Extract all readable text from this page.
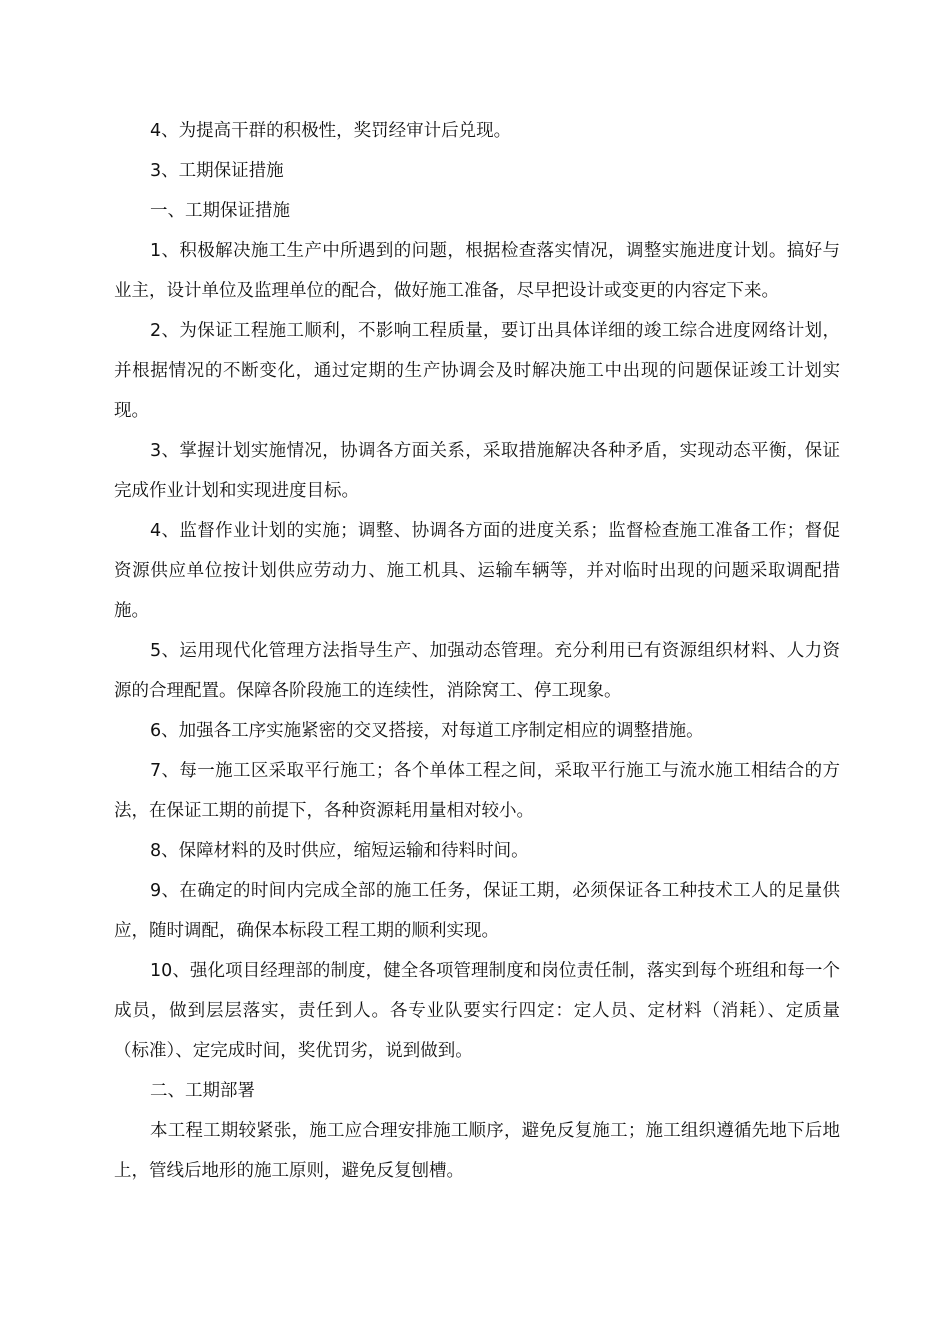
4、为提高干群的积极性，奖罚经审计后兑现。

3、工期保证措施

一、工期保证措施

1、积极解决施工生产中所遇到的问题，根据检查落实情况，调整实施进度计划。搞好与业主，设计单位及监理单位的配合，做好施工准备，尽早把设计或变更的内容定下来。

2、为保证工程施工顺利，不影响工程质量，要订出具体详细的竣工综合进度网络计划，并根据情况的不断变化，通过定期的生产协调会及时解决施工中出现的问题保证竣工计划实现。

3、掌握计划实施情况，协调各方面关系，采取措施解决各种矛盾，实现动态平衡，保证完成作业计划和实现进度目标。

4、监督作业计划的实施；调整、协调各方面的进度关系；监督检查施工准备工作；督促资源供应单位按计划供应劳动力、施工机具、运输车辆等，并对临时出现的问题采取调配措施。

5、运用现代化管理方法指导生产、加强动态管理。充分利用已有资源组织材料、人力资源的合理配置。保障各阶段施工的连续性，消除窝工、停工现象。

6、加强各工序实施紧密的交叉搭接，对每道工序制定相应的调整措施。

7、每一施工区采取平行施工；各个单体工程之间，采取平行施工与流水施工相结合的方法，在保证工期的前提下，各种资源耗用量相对较小。

8、保障材料的及时供应，缩短运输和待料时间。

9、在确定的时间内完成全部的施工任务，保证工期，必须保证各工种技术工人的足量供应，随时调配，确保本标段工程工期的顺利实现。

10、强化项目经理部的制度，健全各项管理制度和岗位责任制，落实到每个班组和每一个成员，做到层层落实，责任到人。各专业队要实行四定：定人员、定材料（消耗）、定质量（标准）、定完成时间，奖优罚劣，说到做到。

二、工期部署

本工程工期较紧张，施工应合理安排施工顺序，避免反复施工；施工组织遵循先地下后地上，管线后地形的施工原则，避免反复刨槽。
